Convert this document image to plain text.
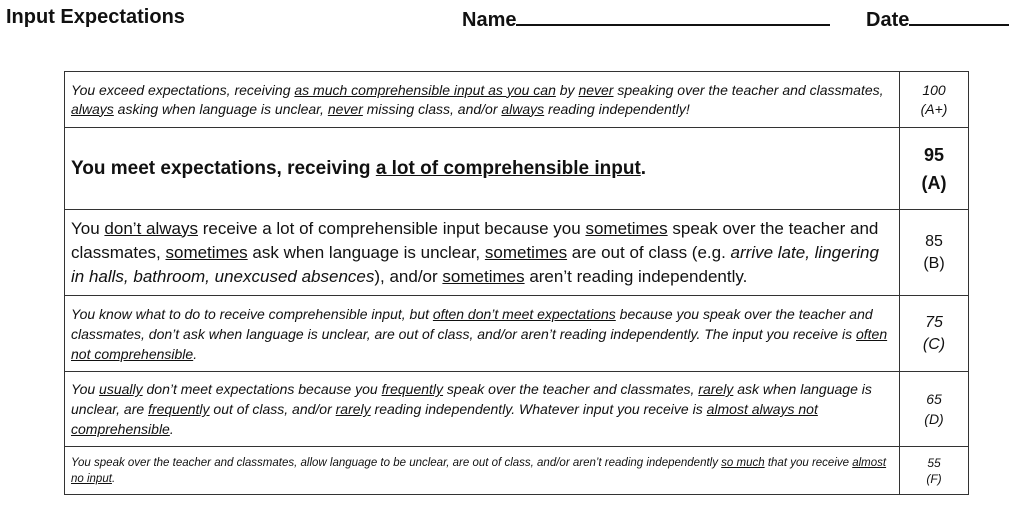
Input Expectations	Name	Date
You exceed expectations, receiving as much comprehensible input as you can by never speaking over the teacher and classmates, always asking when language is unclear, never missing class, and/or always reading independently!	100
(A+)

You meet expectations, receiving a lot of comprehensible input.	95
(A)

You don’t always receive a lot of comprehensible input because you sometimes speak over the teacher and classmates, sometimes ask when language is unclear, sometimes are out of class (e.g. arrive late, lingering in halls, bathroom, unexcused absences), and/or sometimes aren’t reading independently.	85
(B)

You know what to do to receive comprehensible input, but often don’t meet expectations because you speak over the teacher and classmates, don’t ask when language is unclear, are out of class, and/or aren’t reading independently. The input you receive is often not comprehensible.	75
(C)

You usually don’t meet expectations because you frequently speak over the teacher and classmates, rarely ask when language is unclear, are frequently out of class, and/or rarely reading independently. Whatever input you receive is almost always not comprehensible.	65
(D)

You speak over the teacher and classmates, allow language to be unclear, are out of class, and/or aren’t reading independently so much that you receive almost no input.	55
(F)
